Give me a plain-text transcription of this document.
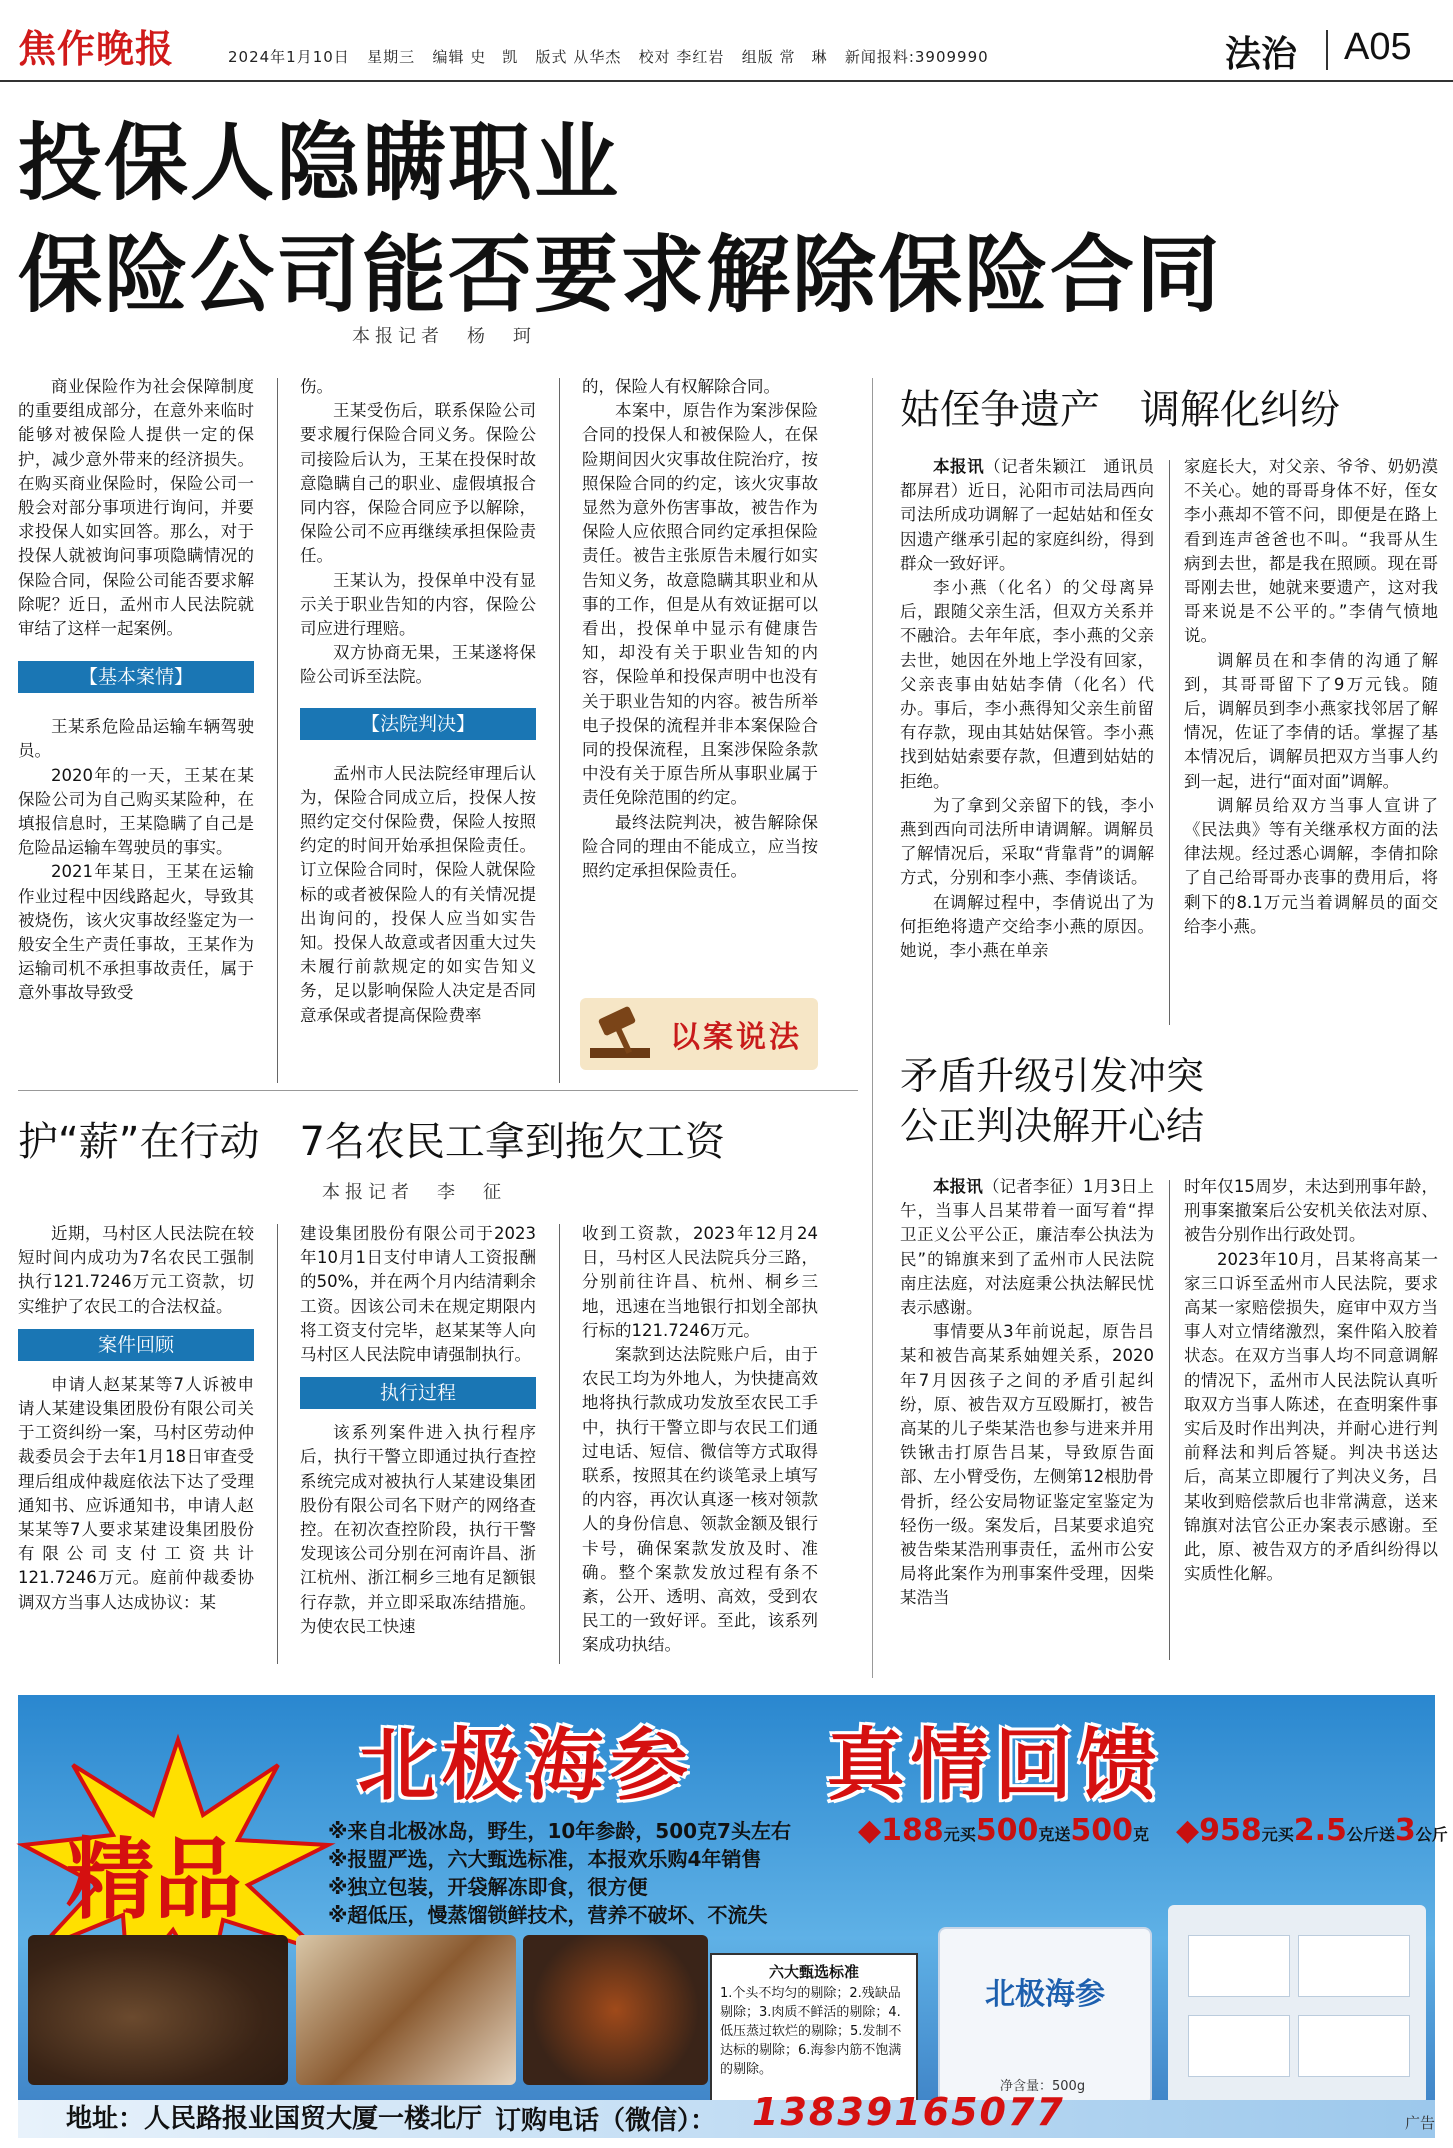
焦作晚报	2024年1月10日 星期三 编辑 史　凯 版式 从华杰 校对 李红岩 组版 常　琳 新闻报料:3909990	法治 A05
投保人隐瞒职业
保险公司能否要求解除保险合同
本报记者　杨　珂

商业保险作为社会保障制度的重要组成部分，在意外来临时能够对被保险人提供一定的保护，减少意外带来的经济损失。在购买商业保险时，保险公司一般会对部分事项进行询问，并要求投保人如实回答。那么，对于投保人就被询问事项隐瞒情况的保险合同，保险公司能否要求解除呢？近日，孟州市人民法院就审结了这样一起案例。

【基本案情】

王某系危险品运输车辆驾驶员。

2020年的一天，王某在某保险公司为自己购买某险种，在填报信息时，王某隐瞒了自己是危险品运输车驾驶员的事实。

2021年某日，王某在运输作业过程中因线路起火，导致其被烧伤，该火灾事故经鉴定为一般安全生产责任事故，王某作为运输司机不承担事故责任，属于意外事故导致受

伤。

王某受伤后，联系保险公司要求履行保险合同义务。保险公司接险后认为，王某在投保时故意隐瞒自己的职业、虚假填报合同内容，保险合同应予以解除，保险公司不应再继续承担保险责任。

王某认为，投保单中没有显示关于职业告知的内容，保险公司应进行理赔。

双方协商无果，王某遂将保险公司诉至法院。

【法院判决】

孟州市人民法院经审理后认为，保险合同成立后，投保人按照约定交付保险费，保险人按照约定的时间开始承担保险责任。订立保险合同时，保险人就保险标的或者被保险人的有关情况提出询问的，投保人应当如实告知。投保人故意或者因重大过失未履行前款规定的如实告知义务，足以影响保险人决定是否同意承保或者提高保险费率

的，保险人有权解除合同。

本案中，原告作为案涉保险合同的投保人和被保险人，在保险期间因火灾事故住院治疗，按照保险合同的约定，该火灾事故显然为意外伤害事故，被告作为保险人应依照合同约定承担保险责任。被告主张原告未履行如实告知义务，故意隐瞒其职业和从事的工作，但是从有效证据可以看出，投保单中显示有健康告知，却没有关于职业告知的内容，保险单和投保声明中也没有关于职业告知的内容。被告所举电子投保的流程并非本案保险合同的投保流程，且案涉保险条款中没有关于原告所从事职业属于责任免除范围的约定。

最终法院判决，被告解除保险合同的理由不能成立，应当按照约定承担保险责任。

以案说法
姑侄争遗产　调解化纠纷

本报讯（记者朱颖江　通讯员都屏君）近日，沁阳市司法局西向司法所成功调解了一起姑姑和侄女因遗产继承引起的家庭纠纷，得到群众一致好评。

李小燕（化名）的父母离异后，跟随父亲生活，但双方关系并不融洽。去年年底，李小燕的父亲去世，她因在外地上学没有回家，父亲丧事由姑姑李倩（化名）代办。事后，李小燕得知父亲生前留有存款，现由其姑姑保管。李小燕找到姑姑索要存款，但遭到姑姑的拒绝。

为了拿到父亲留下的钱，李小燕到西向司法所申请调解。调解员了解情况后，采取“背靠背”的调解方式，分别和李小燕、李倩谈话。

在调解过程中，李倩说出了为何拒绝将遗产交给李小燕的原因。她说，李小燕在单亲

家庭长大，对父亲、爷爷、奶奶漠不关心。她的哥哥身体不好，侄女李小燕却不管不问，即便是在路上看到连声爸爸也不叫。“我哥从生病到去世，都是我在照顾。现在哥哥刚去世，她就来要遗产，这对我哥来说是不公平的。”李倩气愤地说。

调解员在和李倩的沟通了解到，其哥哥留下了9万元钱。随后，调解员到李小燕家找邻居了解情况，佐证了李倩的话。掌握了基本情况后，调解员把双方当事人约到一起，进行“面对面”调解。

调解员给双方当事人宣讲了《民法典》等有关继承权方面的法律法规。经过悉心调解，李倩扣除了自己给哥哥办丧事的费用后，将剩下的8.1万元当着调解员的面交给李小燕。

护“薪”在行动　7名农民工拿到拖欠工资
本报记者　李　征

近期，马村区人民法院在较短时间内成功为7名农民工强制执行121.7246万元工资款，切实维护了农民工的合法权益。

案件回顾

申请人赵某某等7人诉被申请人某建设集团股份有限公司关于工资纠纷一案，马村区劳动仲裁委员会于去年1月18日审查受理后组成仲裁庭依法下达了受理通知书、应诉通知书，申请人赵某某等7人要求某建设集团股份有限公司支付工资共计121.7246万元。庭前仲裁委协调双方当事人达成协议：某

建设集团股份有限公司于2023年10月1日支付申请人工资报酬的50%，并在两个月内结清剩余工资。因该公司未在规定期限内将工资支付完毕，赵某某等人向马村区人民法院申请强制执行。

执行过程

该系列案件进入执行程序后，执行干警立即通过执行查控系统完成对被执行人某建设集团股份有限公司名下财产的网络查控。在初次查控阶段，执行干警发现该公司分别在河南许昌、浙江杭州、浙江桐乡三地有足额银行存款，并立即采取冻结措施。为使农民工快速

收到工资款，2023年12月24日，马村区人民法院兵分三路，分别前往许昌、杭州、桐乡三地，迅速在当地银行扣划全部执行标的121.7246万元。

案款到达法院账户后，由于农民工均为外地人，为快捷高效地将执行款成功发放至农民工手中，执行干警立即与农民工们通过电话、短信、微信等方式取得联系，按照其在约谈笔录上填写的内容，再次认真逐一核对领款人的身份信息、领款金额及银行卡号，确保案款发放及时、准确。整个案款发放过程有条不紊，公开、透明、高效，受到农民工的一致好评。至此，该系列案成功执结。

矛盾升级引发冲突
公正判决解开心结

本报讯（记者李征）1月3日上午，当事人吕某带着一面写着“捍卫正义公平公正，廉洁奉公执法为民”的锦旗来到了孟州市人民法院南庄法庭，对法庭秉公执法解民忧表示感谢。

事情要从3年前说起，原告吕某和被告高某系妯娌关系，2020年7月因孩子之间的矛盾引起纠纷，原、被告双方互殴厮打，被告高某的儿子柴某浩也参与进来并用铁锹击打原告吕某，导致原告面部、左小臂受伤，左侧第12根肋骨骨折，经公安局物证鉴定室鉴定为轻伤一级。案发后，吕某要求追究被告柴某浩刑事责任，孟州市公安局将此案作为刑事案件受理，因柴某浩当

时年仅15周岁，未达到刑事年龄，刑事案撤案后公安机关依法对原、被告分别作出行政处罚。

2023年10月，吕某将高某一家三口诉至孟州市人民法院，要求高某一家赔偿损失，庭审中双方当事人对立情绪激烈，案件陷入胶着状态。在双方当事人均不同意调解的情况下，孟州市人民法院认真听取双方当事人陈述，在查明案件事实后及时作出判决，并耐心进行判前释法和判后答疑。判决书送达后，高某立即履行了判决义务，吕某收到赔偿款后也非常满意，送来锦旗对法官公正办案表示感谢。至此，原、被告双方的矛盾纠纷得以实质性化解。

北极海参 真情回馈
精品	※来自北极冰岛，野生，10年参龄，500克7头左右
※报盟严选，六大甄选标准，本报欢乐购4年销售
※独立包装，开袋解冻即食，很方便
※超低压，慢蒸馏锁鲜技术，营养不破坏、不流失
◆188元买500克送500克 ◆958元买2.5公斤送3公斤
六大甄选标准
1.个头不均匀的剔除；2.残缺品剔除；3.肉质不鲜活的剔除；4.低压蒸过软烂的剔除；5.发制不达标的剔除；6.海参内筋不饱满的剔除。
北极海参
净含量：500g
地址：人民路报业国贸大厦一楼北厅 订购电话（微信）： 13839165077	广告
